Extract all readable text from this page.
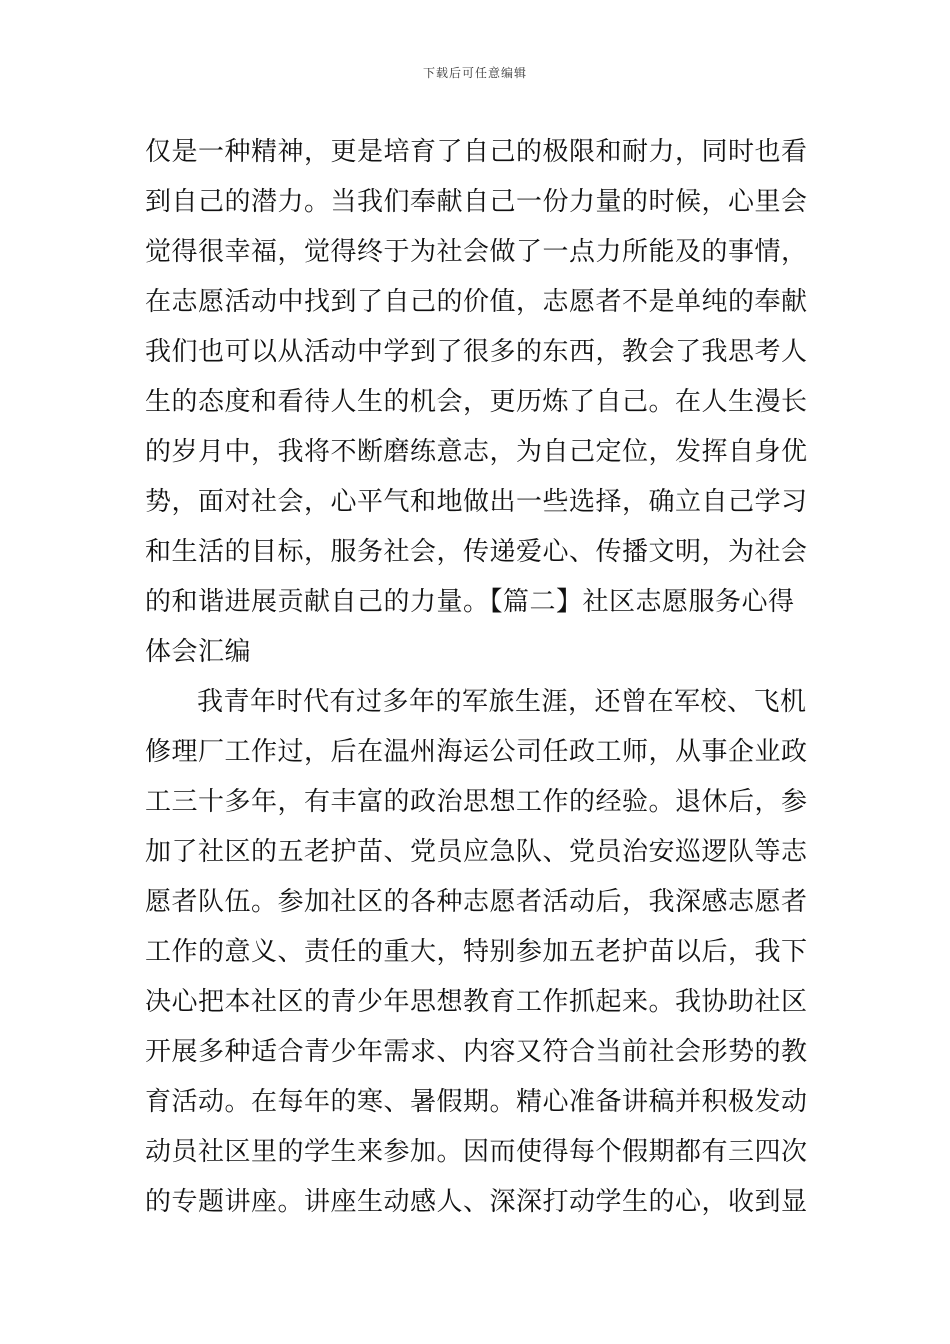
下载后可任意编辑
仅是一种精神，更是培育了自己的极限和耐力，同时也看
到自己的潜力。当我们奉献自己一份力量的时候，心里会
觉得很幸福，觉得终于为社会做了一点力所能及的事情，
在志愿活动中找到了自己的价值，志愿者不是单纯的奉献
我们也可以从活动中学到了很多的东西，教会了我思考人
生的态度和看待人生的机会，更历炼了自己。在人生漫长
的岁月中，我将不断磨练意志，为自己定位，发挥自身优
势，面对社会，心平气和地做出一些选择，确立自己学习
和生活的目标，服务社会，传递爱心、传播文明，为社会
的和谐进展贡献自己的力量。【篇二】社区志愿服务心得
体会汇编
我青年时代有过多年的军旅生涯，还曾在军校、飞机
修理厂工作过，后在温州海运公司任政工师，从事企业政
工三十多年，有丰富的政治思想工作的经验。退休后，参
加了社区的五老护苗、党员应急队、党员治安巡逻队等志
愿者队伍。参加社区的各种志愿者活动后，我深感志愿者
工作的意义、责任的重大，特别参加五老护苗以后，我下
决心把本社区的青少年思想教育工作抓起来。我协助社区
开展多种适合青少年需求、内容又符合当前社会形势的教
育活动。在每年的寒、暑假期。精心准备讲稿并积极发动
动员社区里的学生来参加。因而使得每个假期都有三四次
的专题讲座。讲座生动感人、深深打动学生的心，收到显
